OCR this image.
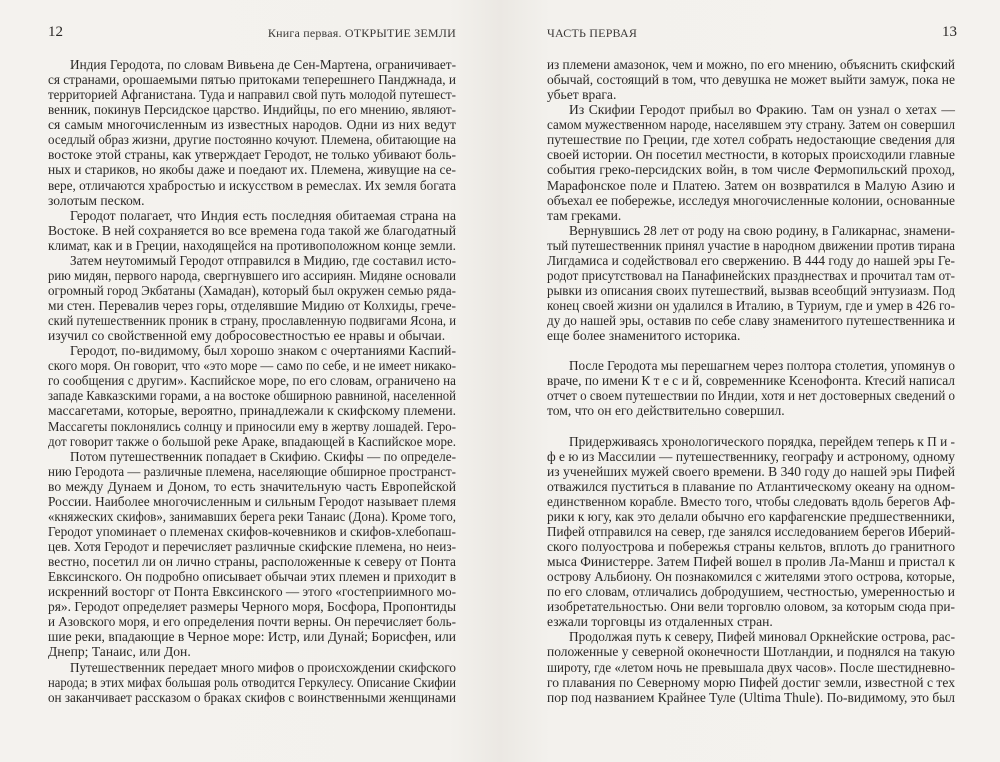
12	Книга первая. ОТКРЫТИЕ ЗЕМЛИ
Индия Геродота, по словам Вивьена де Сен-Мартена, ограничивает-
ся странами, орошаемыми пятью притоками теперешнего Панджнада, и
территорией Афганистана. Туда и направил свой путь молодой путешест-
венник, покинув Персидское царство. Индийцы, по его мнению, являют-
ся самым многочисленным из известных народов. Одни из них ведут
оседлый образ жизни, другие постоянно кочуют. Племена, обитающие на
востоке этой страны, как утверждает Геродот, не только убивают боль-
ных и стариков, но якобы даже и поедают их. Племена, живущие на се-
вере, отличаются храбростью и искусством в ремеслах. Их земля богата
золотым песком.
Геродот полагает, что Индия есть последняя обитаемая страна на
Востоке. В ней сохраняется во все времена года такой же благодатный
климат, как и в Греции, находящейся на противоположном конце земли.
Затем неутомимый Геродот отправился в Мидию, где составил исто-
рию мидян, первого народа, свергнувшего иго ассириян. Мидяне основали
огромный город Экбатаны (Хамадан), который был окружен семью ряда-
ми стен. Перевалив через горы, отделявшие Мидию от Колхиды, грече-
ский путешественник проник в страну, прославленную подвигами Ясона, и
изучил со свойственной ему добросовестностью ее нравы и обычаи.
Геродот, по-видимому, был хорошо знаком с очертаниями Каспий-
ского моря. Он говорит, что «это море — само по себе, и не имеет никако-
го сообщения с другим». Каспийское море, по его словам, ограничено на
западе Кавказскими горами, а на востоке обширною равниной, населенной
массагетами, которые, вероятно, принадлежали к скифскому племени.
Массагеты поклонялись солнцу и приносили ему в жертву лошадей. Геро-
дот говорит также о большой реке Араке, впадающей в Каспийское море.
Потом путешественник попадает в Скифию. Скифы — по определе-
нию Геродота — различные племена, населяющие обширное пространст-
во между Дунаем и Доном, то есть значительную часть Европейской
России. Наиболее многочисленным и сильным Геродот называет племя
«княжеских скифов», занимавших берега реки Танаис (Дона). Кроме того,
Геродот упоминает о племенах скифов-кочевников и скифов-хлебопаш-
цев. Хотя Геродот и перечисляет различные скифские племена, но неиз-
вестно, посетил ли он лично страны, расположенные к северу от Понта
Евксинского. Он подробно описывает обычаи этих племен и приходит в
искренний восторг от Понта Евксинского — этого «гостеприимного мо-
ря». Геродот определяет размеры Черного моря, Босфора, Пропонтиды
и Азовского моря, и его определения почти верны. Он перечисляет боль-
шие реки, впадающие в Черное море: Истр, или Дунай; Борисфен, или
Днепр; Танаис, или Дон.
Путешественник передает много мифов о происхождении скифского
народа; в этих мифах большая роль отводится Геркулесу. Описание Скифии
он заканчивает рассказом о браках скифов с воинственными женщинами
ЧАСТЬ ПЕРВАЯ	13
из племени амазонок, чем и можно, по его мнению, объяснить скифский
обычай, состоящий в том, что девушка не может выйти замуж, пока не
убьет врага.
Из Скифии Геродот прибыл во Фракию. Там он узнал о хетах —
самом мужественном народе, населявшем эту страну. Затем он совершил
путешествие по Греции, где хотел собрать недостающие сведения для
своей истории. Он посетил местности, в которых происходили главные
события греко-персидских войн, в том числе Фермопильский проход,
Марафонское поле и Платею. Затем он возвратился в Малую Азию и
объехал ее побережье, исследуя многочисленные колонии, основанные
там греками.
Вернувшись 28 лет от роду на свою родину, в Галикарнас, знамени-
тый путешественник принял участие в народном движении против тирана
Лигдамиса и содействовал его свержению. В 444 году до нашей эры Ге-
родот присутствовал на Панафинейских празднествах и прочитал там от-
рывки из описания своих путешествий, вызвав всеобщий энтузиазм. Под
конец своей жизни он удалился в Италию, в Туриум, где и умер в 426 го-
ду до нашей эры, оставив по себе славу знаменитого путешественника и
еще более знаменитого историка.
После Геродота мы перешагнем через полтора столетия, упомянув о
враче, по имени К т е с и й, современнике Ксенофонта. Ктесий написал
отчет о своем путешествии по Индии, хотя и нет достоверных сведений о
том, что он его действительно совершил.
Придерживаясь хронологического порядка, перейдем теперь к П и -
ф е ю из Массилии — путешественнику, географу и астроному, одному
из ученейших мужей своего времени. В 340 году до нашей эры Пифей
отважился пуститься в плавание по Атлантическому океану на одном-
единственном корабле. Вместо того, чтобы следовать вдоль берегов Аф-
рики к югу, как это делали обычно его карфагенские предшественники,
Пифей отправился на север, где занялся исследованием берегов Иберий-
ского полуострова и побережья страны кельтов, вплоть до гранитного
мыса Финистерре. Затем Пифей вошел в пролив Ла-Манш и пристал к
острову Альбиону. Он познакомился с жителями этого острова, которые,
по его словам, отличались добродушием, честностью, умеренностью и
изобретательностью. Они вели торговлю оловом, за которым сюда при-
езжали торговцы из отдаленных стран.
Продолжая путь к северу, Пифей миновал Оркнейские острова, рас-
положенные у северной оконечности Шотландии, и поднялся на такую
широту, где «летом ночь не превышала двух часов». После шестидневно-
го плавания по Северному морю Пифей достиг земли, известной с тех
пор под названием Крайнее Туле (Ultima Thule). По-видимому, это был
